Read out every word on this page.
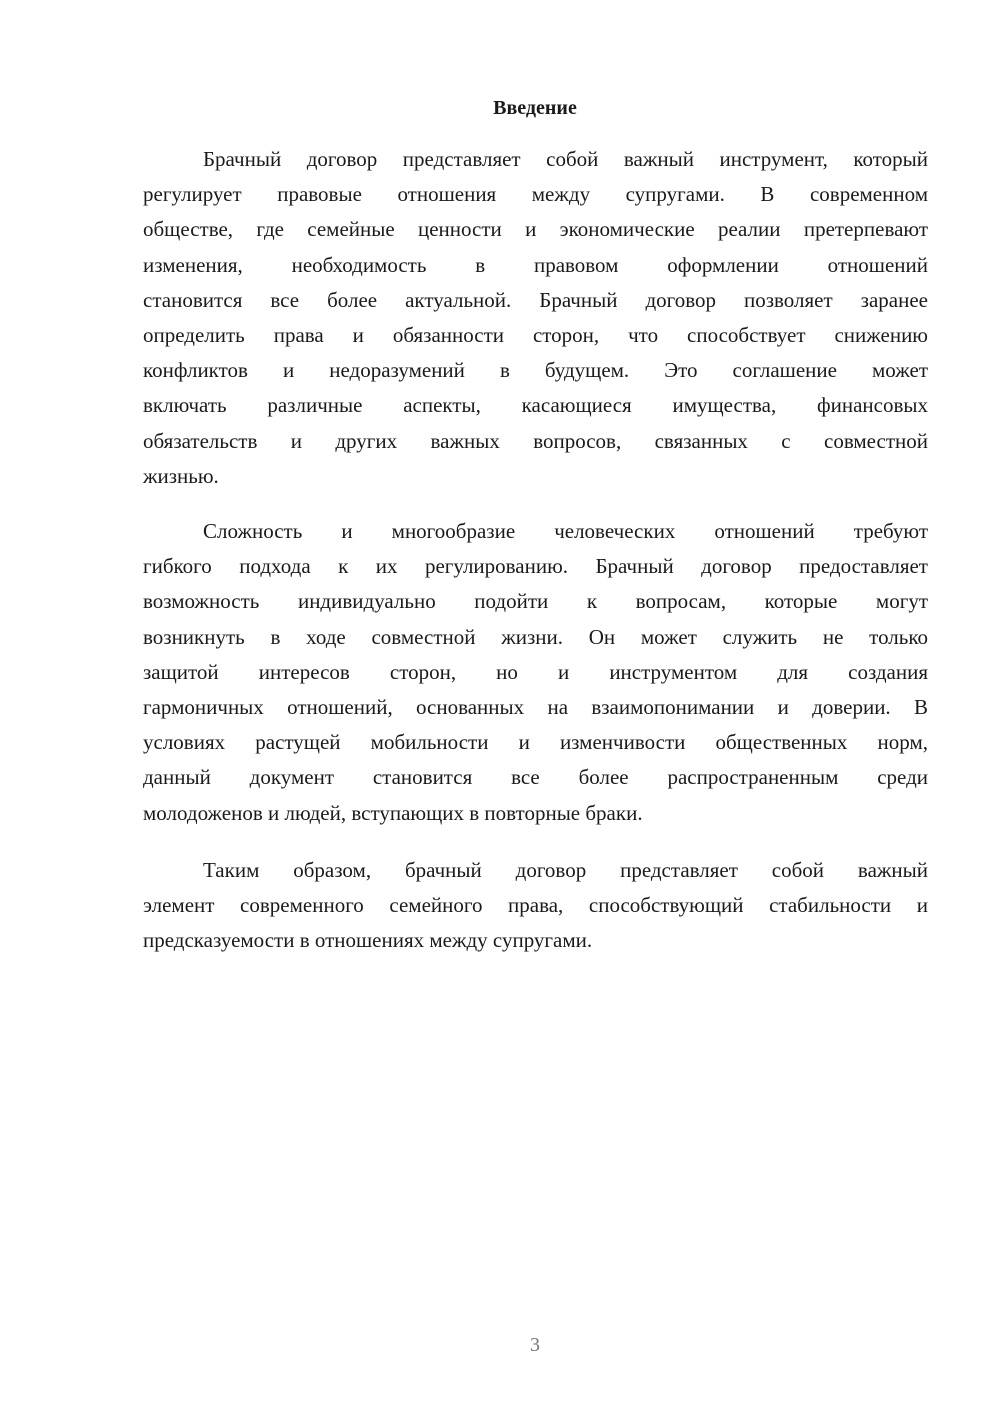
Введение
Брачный договор представляет собой важный инструмент, который
регулирует правовые отношения между супругами. В современном
обществе, где семейные ценности и экономические реалии претерпевают
изменения, необходимость в правовом оформлении отношений
становится все более актуальной. Брачный договор позволяет заранее
определить права и обязанности сторон, что способствует снижению
конфликтов и недоразумений в будущем. Это соглашение может
включать различные аспекты, касающиеся имущества, финансовых
обязательств и других важных вопросов, связанных с совместной
жизнью.
Сложность и многообразие человеческих отношений требуют
гибкого подхода к их регулированию. Брачный договор предоставляет
возможность индивидуально подойти к вопросам, которые могут
возникнуть в ходе совместной жизни. Он может служить не только
защитой интересов сторон, но и инструментом для создания
гармоничных отношений, основанных на взаимопонимании и доверии. В
условиях растущей мобильности и изменчивости общественных норм,
данный документ становится все более распространенным среди
молодоженов и людей, вступающих в повторные браки.
Таким образом, брачный договор представляет собой важный
элемент современного семейного права, способствующий стабильности и
предсказуемости в отношениях между супругами.
3
